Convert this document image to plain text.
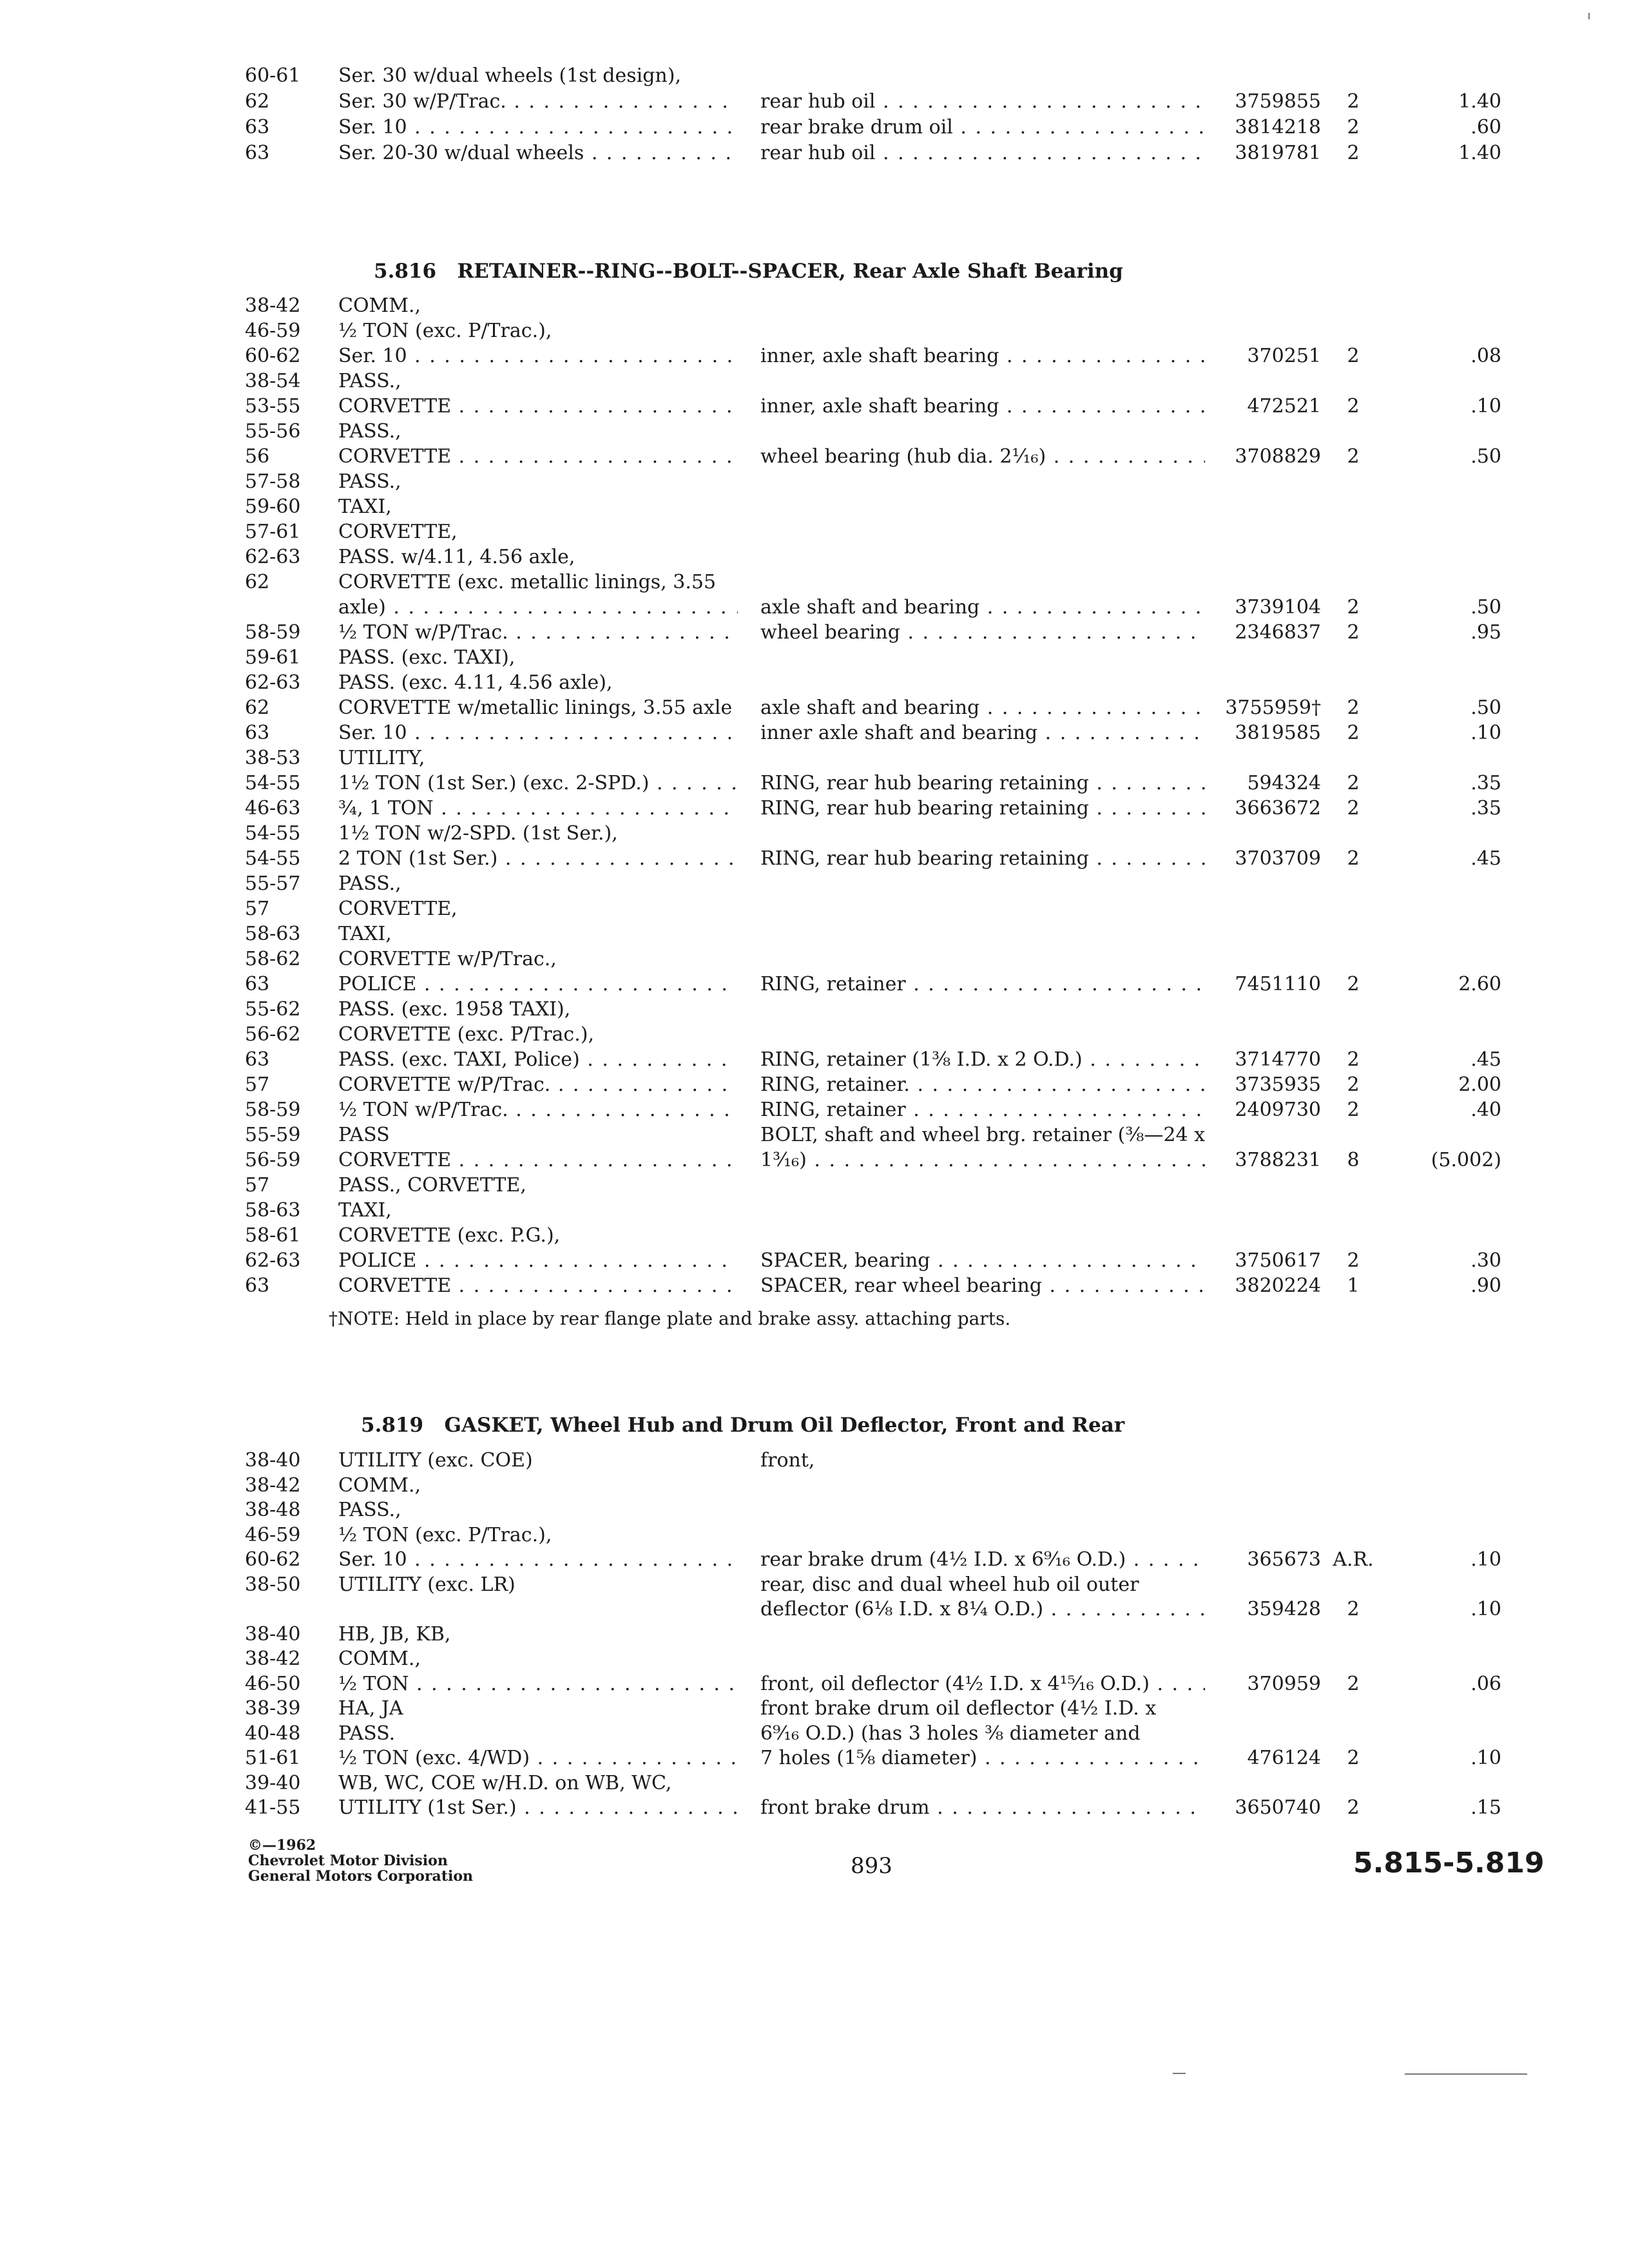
60-61	Ser. 30 w/dual wheels (1st design),
62	Ser. 30 w/P/Trac. . . .	rear hub oil . . .	3759855	2	1.40
63	Ser. 10 . . .	rear brake drum oil . . .	3814218	2	.60
63	Ser. 20-30 w/dual wheels . . .	rear hub oil . . .	3819781	2	1.40
5.816 RETAINER--RING--BOLT--SPACER, Rear Axle Shaft Bearing
38-42	COMM.,
46-59	½ TON (exc. P/Trac.),
60-62	Ser. 10 . . .	inner, axle shaft bearing . . .	370251	2	.08
38-54	PASS.,
53-55	CORVETTE . . .	inner, axle shaft bearing . . .	472521	2	.10
55-56	PASS.,
56	CORVETTE . . .	wheel bearing (hub dia. 2¹⁄₁₆) . . .	3708829	2	.50
57-58	PASS.,
59-60	TAXI,
57-61	CORVETTE,
62-63	PASS. w/4.11, 4.56 axle,
62	CORVETTE (exc. metallic linings, 3.55
axle) . . .	axle shaft and bearing . . .	3739104	2	.50
58-59	½ TON w/P/Trac. . . .	wheel bearing . . .	2346837	2	.95
59-61	PASS. (exc. TAXI),
62-63	PASS. (exc. 4.11, 4.56 axle),
62	CORVETTE w/metallic linings, 3.55 axle . . . axle shaft and bearing . . .	3755959†	2	.50
63	Ser. 10 . . .	inner axle shaft and bearing . . .	3819585	2	.10
38-53	UTILITY,
54-55	1½ TON (1st Ser.) (exc. 2-SPD.) . . .	RING, rear hub bearing retaining . . .	594324	2	.35
46-63	¾, 1 TON . . .	RING, rear hub bearing retaining . . .	3663672	2	.35
54-55	1½ TON w/2-SPD. (1st Ser.),
54-55	2 TON (1st Ser.) . . .	RING, rear hub bearing retaining . . .	3703709	2	.45
55-57	PASS.,
57	CORVETTE,
58-63	TAXI,
58-62	CORVETTE w/P/Trac.,
63	POLICE . . .	RING, retainer . . .	7451110	2	2.60
55-62	PASS. (exc. 1958 TAXI),
56-62	CORVETTE (exc. P/Trac.),
63	PASS. (exc. TAXI, Police) . . .	RING, retainer (1³⁄₈ I.D. x 2 O.D.) . . .	3714770	2	.45
57	CORVETTE w/P/Trac. . . .	RING, retainer. . . .	3735935	2	2.00
58-59	½ TON w/P/Trac. . . .	RING, retainer . . .	2409730	2	.40
55-59	PASS	BOLT, shaft and wheel brg. retainer (³⁄₈—24 x
56-59	CORVETTE . . .	1³⁄₁₆) . . .	3788231	8	(5.002)
57	PASS., CORVETTE,
58-63	TAXI,
58-61	CORVETTE (exc. P.G.),
62-63	POLICE . . .	SPACER, bearing . . .	3750617	2	.30
63	CORVETTE . . .	SPACER, rear wheel bearing . . .	3820224	1	.90
†NOTE: Held in place by rear flange plate and brake assy. attaching parts.
5.819 GASKET, Wheel Hub and Drum Oil Deflector, Front and Rear
38-40	UTILITY (exc. COE)	front,
38-42	COMM.,
38-48	PASS.,
46-59	½ TON (exc. P/Trac.),
60-62	Ser. 10 . . .	rear brake drum (4½ I.D. x 6⁹⁄₁₆ O.D.) . . .	365673 A.R.	.10
38-50	UTILITY (exc. LR)	rear, disc and dual wheel hub oil outer
deflector (6⅛ I.D. x 8¼ O.D.) . . .	359428	2	.10
38-40	HB, JB, KB,
38-42	COMM.,
46-50	½ TON . . .	front, oil deflector (4½ I.D. x 4¹⁵⁄₁₆ O.D.) . . .	370959	2	.06
38-39	HA, JA	front brake drum oil deflector (4½ I.D. x
40-48	PASS.	6⁹⁄₁₆ O.D.) (has 3 holes ⅜ diameter and
51-61	½ TON (exc. 4/WD) . . .	7 holes (1⅝ diameter) . . .	476124	2	.10
39-40	WB, WC, COE w/H.D. on WB, WC,
41-55	UTILITY (1st Ser.) . . .	front brake drum . . .	3650740	2	.15
©—1962
Chevrolet Motor Division
General Motors Corporation	893	5.815-5.819
